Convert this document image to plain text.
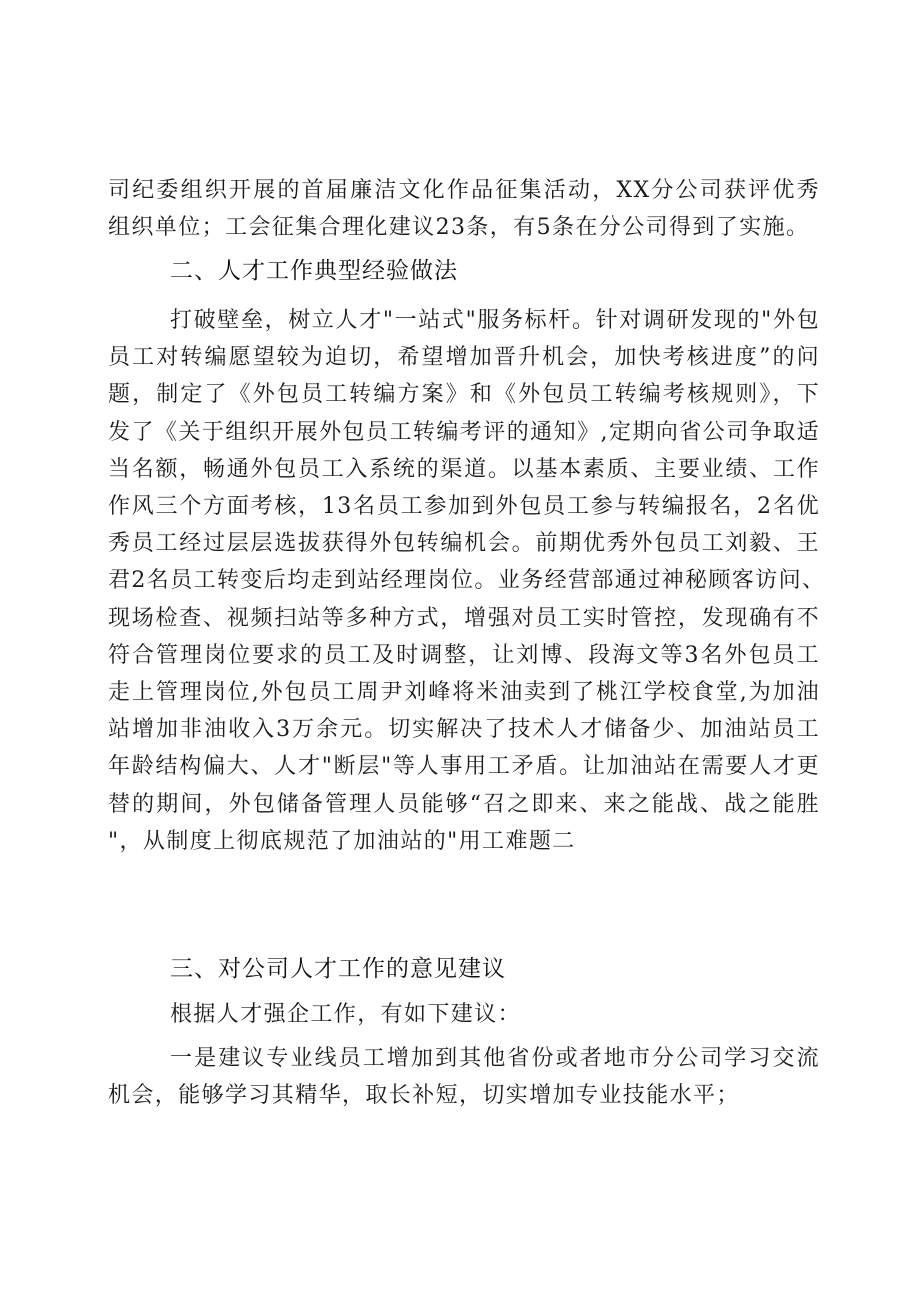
司纪委组织开展的首届廉洁文化作品征集活动，XX分公司获评优秀
组织单位；工会征集合理化建议23条，有5条在分公司得到了实施。
二、人才工作典型经验做法
打破壁垒，树立人才"一站式"服务标杆。针对调研发现的"外包
员工对转编愿望较为迫切，希望增加晋升机会，加快考核进度”的问
题，制定了《外包员工转编方案》和《外包员工转编考核规则》，下
发了《关于组织开展外包员工转编考评的通知》,定期向省公司争取适
当名额，畅通外包员工入系统的渠道。以基本素质、主要业绩、工作
作风三个方面考核，13名员工参加到外包员工参与转编报名，2名优
秀员工经过层层选拔获得外包转编机会。前期优秀外包员工刘毅、王
君2名员工转变后均走到站经理岗位。业务经营部通过神秘顾客访问、
现场检查、视频扫站等多种方式，增强对员工实时管控，发现确有不
符合管理岗位要求的员工及时调整，让刘博、段海文等3名外包员工
走上管理岗位,外包员工周尹刘峰将米油卖到了桃江学校食堂,为加油
站增加非油收入3万余元。切实解决了技术人才储备少、加油站员工
年龄结构偏大、人才"断层"等人事用工矛盾。让加油站在需要人才更
替的期间，外包储备管理人员能够“召之即来、来之能战、战之能胜
"，从制度上彻底规范了加油站的"用工难题二
三、对公司人才工作的意见建议
根据人才强企工作，有如下建议：
一是建议专业线员工增加到其他省份或者地市分公司学习交流
机会，能够学习其精华，取长补短，切实增加专业技能水平；
